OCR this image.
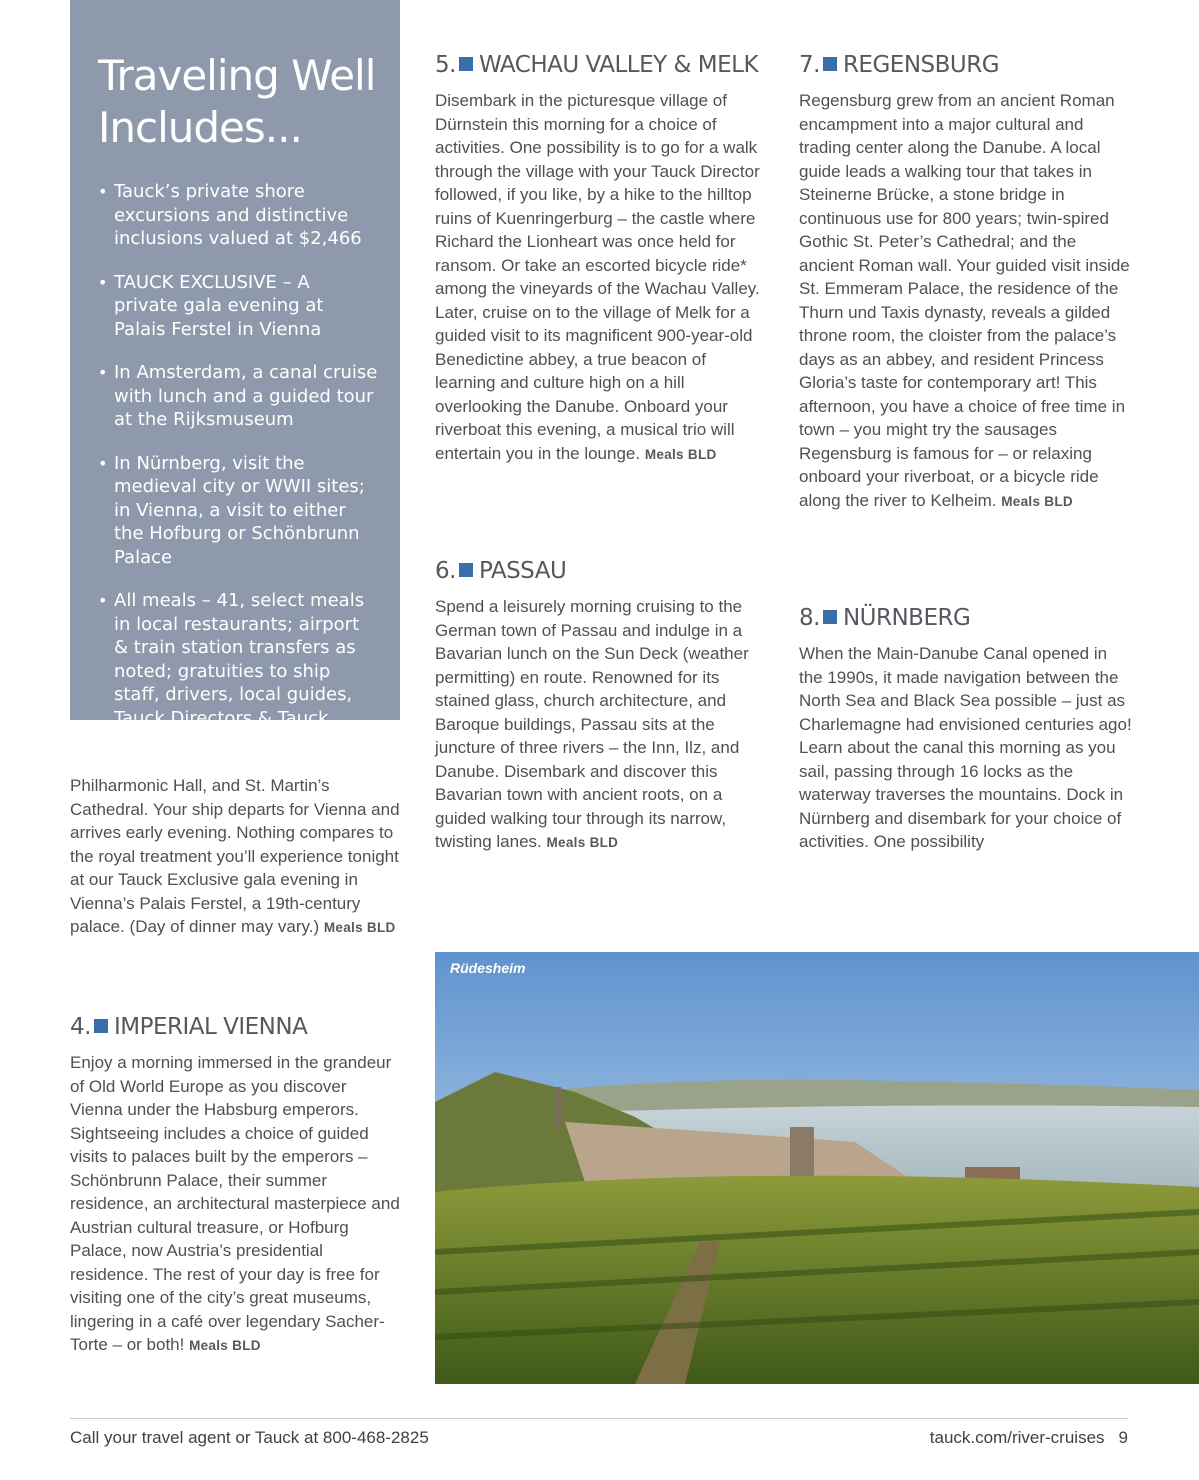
Traveling Well
Includes...
• Tauck’s private shore excursions and distinctive inclusions valued at $2,466
• TAUCK EXCLUSIVE – A private gala evening at Palais Ferstel in Vienna
• In Amsterdam, a canal cruise with lunch and a guided tour at the Rijksmuseum
• In Nürnberg, visit the medieval city or WWII sites; in Vienna, a visit to either the Hofburg or Schönbrunn Palace
• All meals – 41, select meals in local restaurants; airport & train station transfers as noted; gratuities to ship staff, drivers, local guides, Tauck Directors & Tauck Cruise Director & more

Philharmonic Hall, and St. Martin’s Cathedral. Your ship departs for Vienna and arrives early evening. Nothing compares to the royal treatment you’ll experience tonight at our Tauck Exclusive gala evening in Vienna’s Palais Ferstel, a 19th-century palace. (Day of dinner may vary.) Meals BLD

4. IMPERIAL VIENNA

Enjoy a morning immersed in the grandeur of Old World Europe as you discover Vienna under the Habsburg emperors. Sightseeing includes a choice of guided visits to palaces built by the emperors – Schönbrunn Palace, their summer residence, an architectural masterpiece and Austrian cultural treasure, or Hofburg Palace, now Austria’s presidential residence. The rest of your day is free for visiting one of the city’s great museums, lingering in a café over legendary Sacher-Torte – or both! Meals BLD

5. WACHAU VALLEY & MELK

Disembark in the picturesque village of Dürnstein this morning for a choice of activities. One possibility is to go for a walk through the village with your Tauck Director followed, if you like, by a hike to the hilltop ruins of Kuenringerburg – the castle where Richard the Lionheart was once held for ransom. Or take an escorted bicycle ride* among the vineyards of the Wachau Valley. Later, cruise on to the village of Melk for a guided visit to its magnificent 900-year-old Benedictine abbey, a true beacon of learning and culture high on a hill overlooking the Danube. Onboard your riverboat this evening, a musical trio will entertain you in the lounge. Meals BLD

6. PASSAU

Spend a leisurely morning cruising to the German town of Passau and indulge in a Bavarian lunch on the Sun Deck (weather permitting) en route. Renowned for its stained glass, church architecture, and Baroque buildings, Passau sits at the juncture of three rivers – the Inn, Ilz, and Danube. Disembark and discover this Bavarian town with ancient roots, on a guided walking tour through its narrow, twisting lanes. Meals BLD

7. REGENSBURG

Regensburg grew from an ancient Roman encampment into a major cultural and trading center along the Danube. A local guide leads a walking tour that takes in Steinerne Brücke, a stone bridge in continuous use for 800 years; twin-spired Gothic St. Peter’s Cathedral; and the ancient Roman wall. Your guided visit inside St. Emmeram Palace, the residence of the Thurn und Taxis dynasty, reveals a gilded throne room, the cloister from the palace’s days as an abbey, and resident Princess Gloria’s taste for contemporary art! This afternoon, you have a choice of free time in town – you might try the sausages Regensburg is famous for – or relaxing onboard your riverboat, or a bicycle ride along the river to Kelheim. Meals BLD

8. NÜRNBERG

When the Main-Danube Canal opened in the 1990s, it made navigation between the North Sea and Black Sea possible – just as Charlemagne had envisioned centuries ago! Learn about the canal this morning as you sail, passing through 16 locks as the waterway traverses the mountains. Dock in Nürnberg and disembark for your choice of activities. One possibility

Rüdesheim
Call your travel agent or Tauck at 800-468-2825	tauck.com/river-cruises 9
